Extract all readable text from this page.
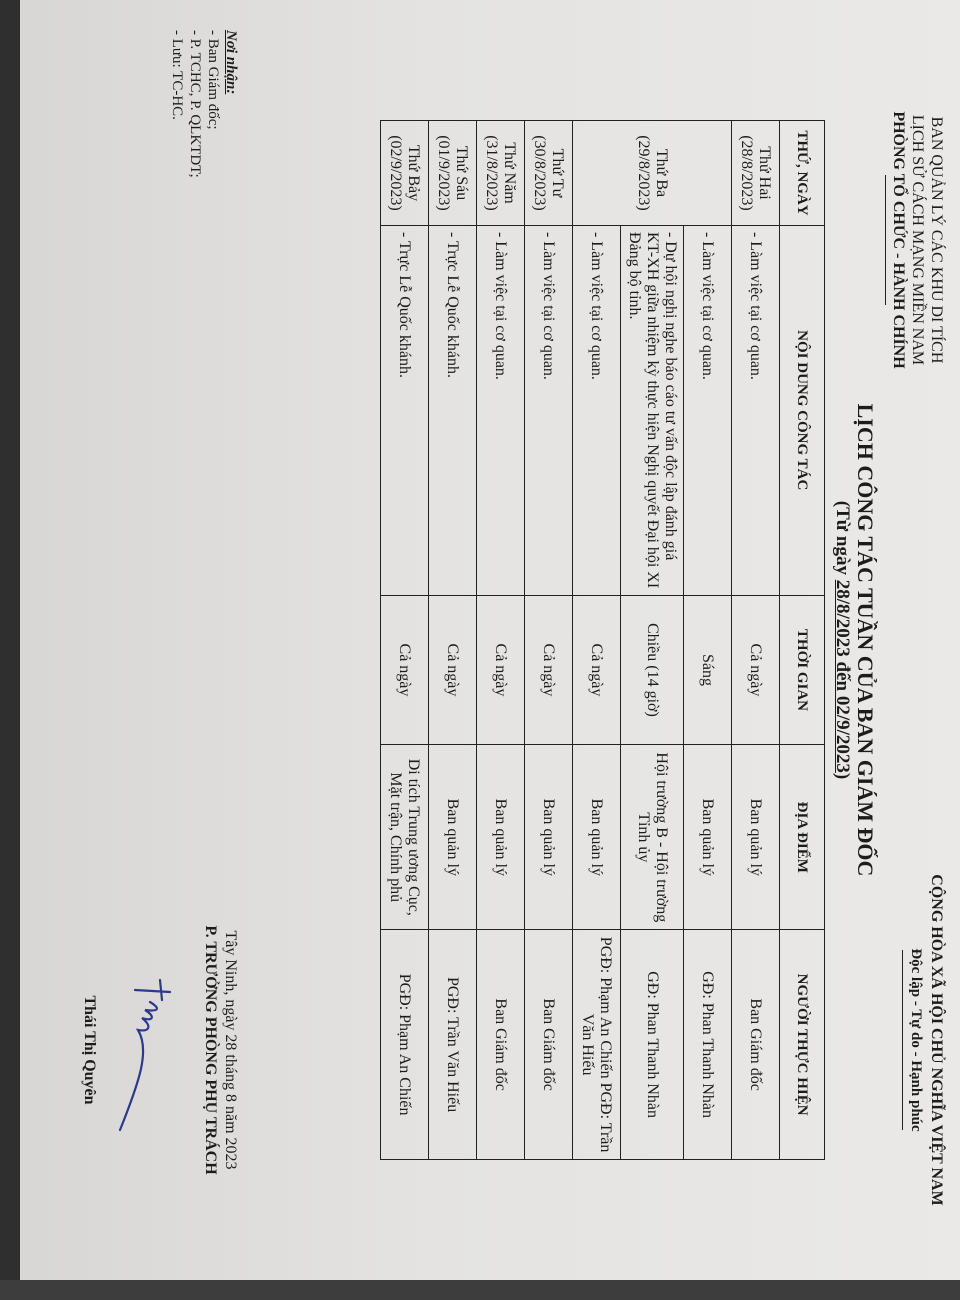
BAN QUẢN LÝ CÁC KHU DI TÍCH
LỊCH SỬ CÁCH MẠNG MIỀN NAM
PHÒNG TỔ CHỨC - HÀNH CHÍNH
CỘNG HÒA XÃ HỘI CHỦ NGHĨA VIỆT NAM
Độc lập - Tự do - Hạnh phúc
LỊCH CÔNG TÁC TUẦN CỦA BAN GIÁM ĐỐC
(Từ ngày 28/8/2023 đến 02/9/2023)
THỨ, NGÀY	NỘI DUNG CÔNG TÁC	THỜI GIAN	ĐỊA ĐIỂM	NGƯỜI THỰC HIỆN

Thứ Hai
(28/8/2023)	- Làm việc tại cơ quan.	Cả ngày	Ban quản lý	Ban Giám đốc

Thứ Ba
(29/8/2023)	- Làm việc tại cơ quan.	Sáng	Ban quản lý	GĐ: Phan Thanh Nhàn
	- Dự hội nghị nghe báo cáo tư vấn độc lập đánh giá KT-XH giữa nhiệm kỳ thực hiện Nghị quyết Đại hội XI Đảng bộ tỉnh.	Chiều (14 giờ)	Hội trường B - Hội trường Tỉnh ủy	GĐ: Phan Thanh Nhàn
	- Làm việc tại cơ quan.	Cả ngày	Ban quản lý	PGĐ: Phạm An Chiến PGĐ: Trần Văn Hiếu

Thứ Tư
(30/8/2023)	- Làm việc tại cơ quan.	Cả ngày	Ban quản lý	Ban Giám đốc

Thứ Năm
(31/8/2023)	- Làm việc tại cơ quan.	Cả ngày	Ban quản lý	Ban Giám đốc

Thứ Sáu
(01/9/2023)	- Trực Lễ Quốc khánh.	Cả ngày	Ban quản lý	PGĐ: Trần Văn Hiếu

Thứ Bảy
(02/9/2023)	- Trực Lễ Quốc khánh.	Cả ngày	Di tích Trung ương Cục, Mặt trận, Chính phủ	PGĐ: Phạm An Chiến
Nơi nhận:
- Ban Giám đốc;
- P. TCHC, P. QLKTDT;
- Lưu: TC-HC.
Tây Ninh, ngày 28 tháng 8 năm 2023
P. TRƯỞNG PHÒNG PHỤ TRÁCH
Thái Thị Quyên
